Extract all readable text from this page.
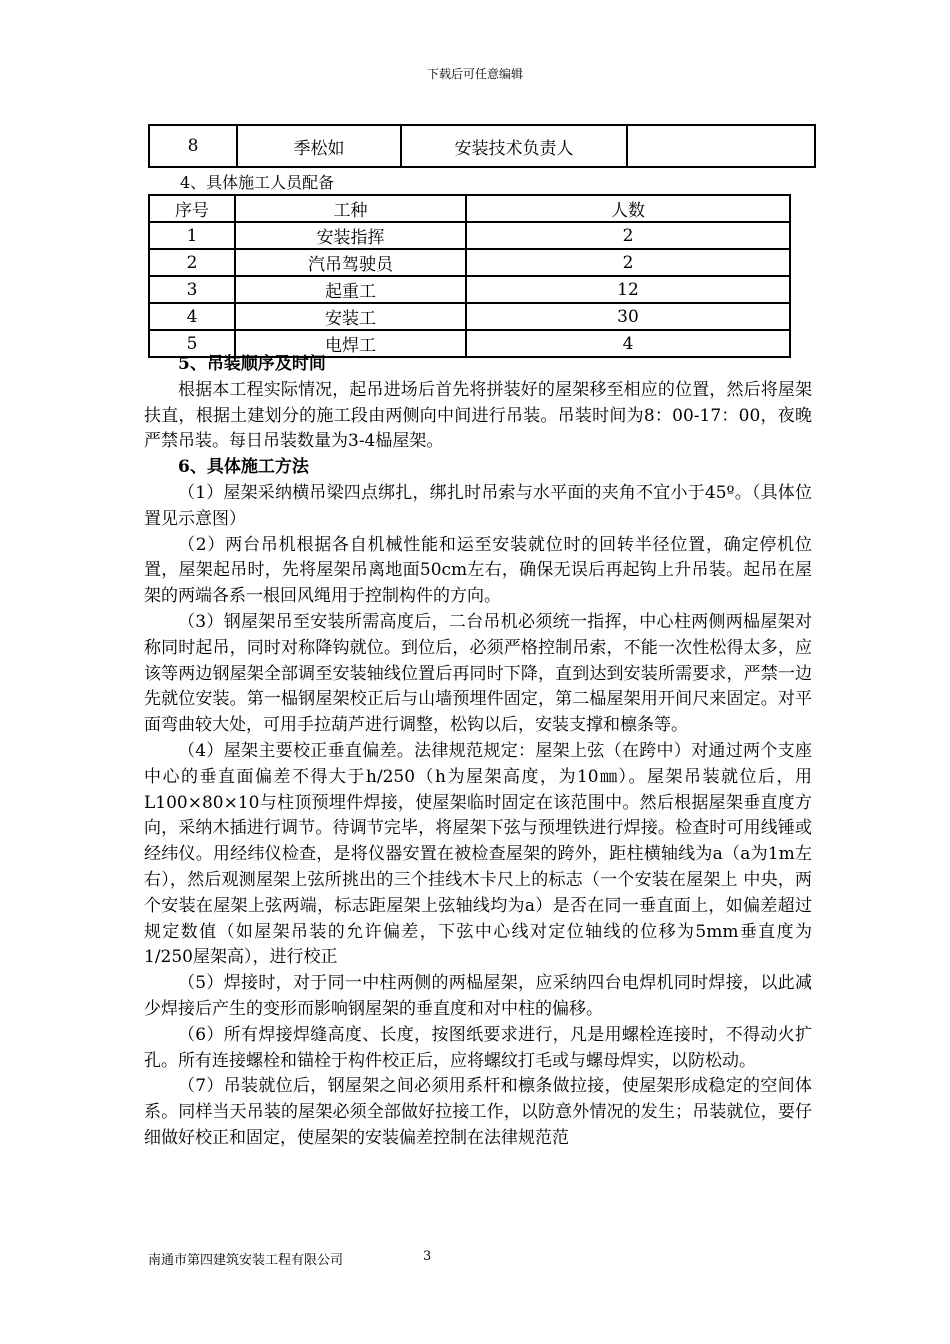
下载后可任意编辑
8	季松如	安装技术负责人	
4、具体施工人员配备
序号	工种	人数
1	安装指挥	2
2	汽吊驾驶员	2
3	起重工	12
4	安装工	30
5	电焊工	4

5、吊装顺序及时间

根据本工程实际情况，起吊进场后首先将拼装好的屋架移至相应的位置，然后将屋架扶直，根据土建划分的施工段由两侧向中间进行吊装。吊装时间为8：00-17：00，夜晚严禁吊装。每日吊装数量为3-4榀屋架。

6、具体施工方法

（1）屋架采纳横吊梁四点绑扎，绑扎时吊索与水平面的夹角不宜小于45º。（具体位置见示意图）

（2）两台吊机根据各自机械性能和运至安装就位时的回转半径位置，确定停机位置，屋架起吊时，先将屋架吊离地面50cm左右，确保无误后再起钩上升吊装。起吊在屋架的两端各系一根回风绳用于控制构件的方向。

（3）钢屋架吊至安装所需高度后，二台吊机必须统一指挥，中心柱两侧两榀屋架对称同时起吊，同时对称降钩就位。到位后，必须严格控制吊索，不能一次性松得太多，应该等两边钢屋架全部调至安装轴线位置后再同时下降，直到达到安装所需要求，严禁一边先就位安装。第一榀钢屋架校正后与山墙预埋件固定，第二榀屋架用开间尺来固定。对平面弯曲较大处，可用手拉葫芦进行调整，松钩以后，安装支撑和檩条等。

（4）屋架主要校正垂直偏差。法律规范规定：屋架上弦（在跨中）对通过两个支座中心的垂直面偏差不得大于h/250（h为屋架高度，为10㎜）。屋架吊装就位后，用L100×80×10与柱顶预埋件焊接，使屋架临时固定在该范围中。然后根据屋架垂直度方向，采纳木插进行调节。待调节完毕，将屋架下弦与预埋铁进行焊接。检查时可用线锤或经纬仪。用经纬仪检查，是将仪器安置在被检查屋架的跨外，距柱横轴线为a（a为1m左右），然后观测屋架上弦所挑出的三个挂线木卡尺上的标志（一个安装在屋架上 中央，两个安装在屋架上弦两端，标志距屋架上弦轴线均为a）是否在同一垂直面上，如偏差超过规定数值（如屋架吊装的允许偏差，下弦中心线对定位轴线的位移为5mm垂直度为1/250屋架高），进行校正

（5）焊接时，对于同一中柱两侧的两榀屋架，应采纳四台电焊机同时焊接，以此减少焊接后产生的变形而影响钢屋架的垂直度和对中柱的偏移。

（6）所有焊接焊缝高度、长度，按图纸要求进行，凡是用螺栓连接时，不得动火扩孔。所有连接螺栓和锚栓于构件校正后，应将螺纹打毛或与螺母焊实，以防松动。

（7）吊装就位后，钢屋架之间必须用系杆和檩条做拉接，使屋架形成稳定的空间体系。同样当天吊装的屋架必须全部做好拉接工作，以防意外情况的发生；吊装就位，要仔细做好校正和固定，使屋架的安装偏差控制在法律规范范

南通市第四建筑安装工程有限公司	3
